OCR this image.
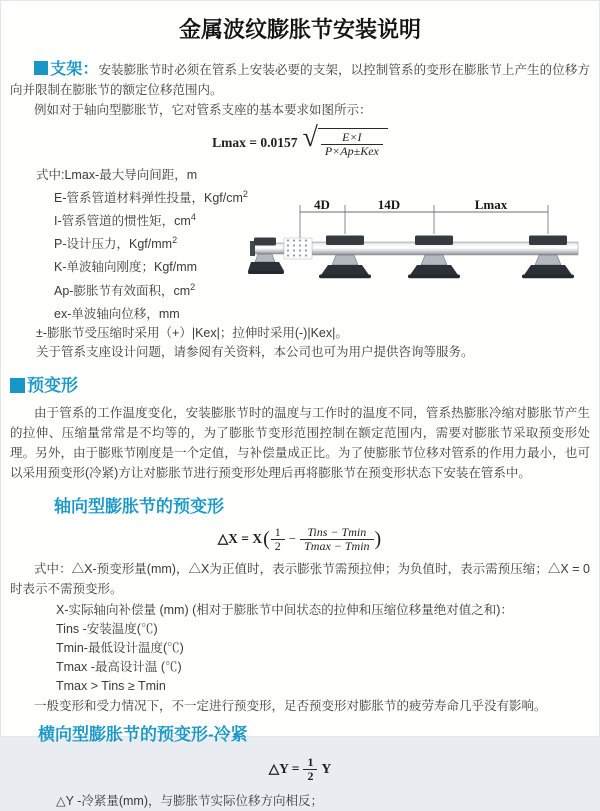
金属波纹膨胀节安装说明

支架：安装膨胀节时必须在管系上安装必要的支架，以控制管系的变形在膨胀节上产生的位移方向并限制在膨胀节的额定位移范围内。

例如对于轴向型膨胀节，它对管系支座的基本要求如图所示：

Lmax = 0.0157 √ $\frac{E\times I}{\text{P×Ap±Kex}}$
式中:Lmax-最大导向间距，m
E-管系管道材料弹性投量，Kgf/$cm^2$
I-管系管道的惯性矩，$cm^4$
P-设计压力，Kgf/$mm^2$
K-单波轴向刚度；Kgf/mm
Ap-膨胀节有效面积，$cm^2$
ex-单波轴向位移，mm
±-膨胀节受压缩时采用（+）|Kex|；拉伸时采用(-)|Kex|。
关于管系支座设计问题，请参阅有关资料，本公司也可为用户提供咨询等服务。
4D	14D	Lmax
预变形

由于管系的工作温度变化，安装膨胀节时的温度与工作时的温度不同，管系热膨胀冷缩对膨胀节产生的拉伸、压缩量常常是不均等的，为了膨胀节变形范围控制在额定范围内，需要对膨胀节采取预变形处理。另外，由于膨账节刚度是一个定值，与补偿量成正比。为了使膨胀节位移对管系的作用力最小，也可以采用预变形(冷紧)方让对膨胀节进行预变形处理后再将膨胀节在预变形状态下安装在管系中。

轴向型膨胀节的预变形
△X = X ( $\frac{1}{2} - \frac{\text{Tins − Tmin}}{Tmax - Tmin}$ )

式中：△X-预变形量(mm)，△X为正值时，表示膨张节需预拉伸；为负值时，表示需预压缩；△X = 0时表示不需预变形。

X-实际轴向补偿量 (mm) (相对于膨胀节中间状态的拉伸和压缩位移量绝对值之和)：
Tins -安装温度(℃)
Tmin-最低设计温度(℃)
Tmax -最高设计温 (℃)
Tmax > Tins ≥ Tmin

一般变形和受力情况下，不一定进行预变形，足否预变形对膨胀节的疲劳寿命几乎没有影响。

横向型膨胀节的预变形-冷紧
△Y = $\frac{1}{2}$ Y
△Y -冷紧量(mm)，与膨胀节实际位移方向相反；
